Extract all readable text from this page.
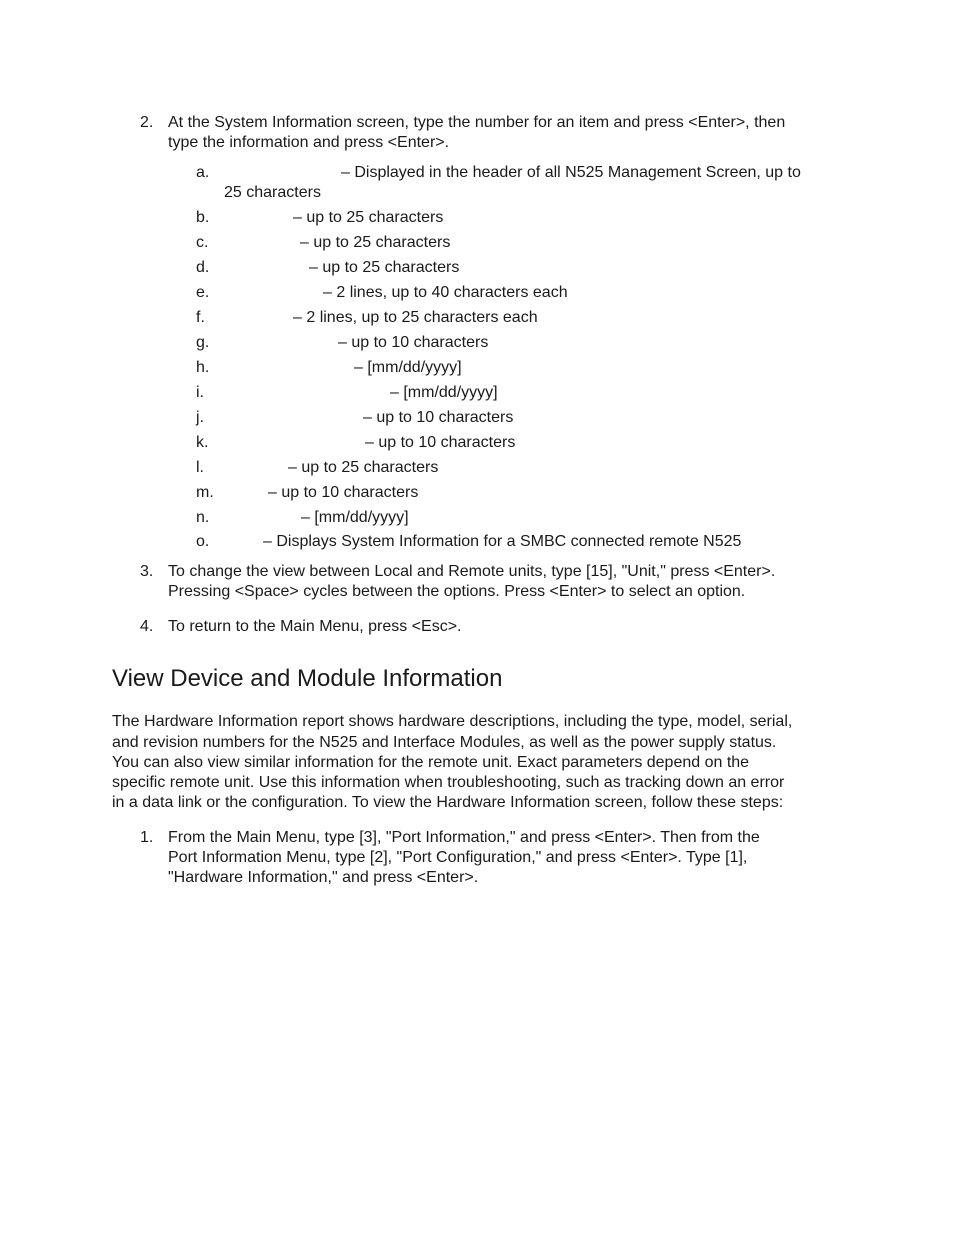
2. At the System Information screen, type the number for an item and press <Enter>, then
type the information and press <Enter>.
a.	– Displayed in the header of all N525 Management Screen, up to
25 characters
b.	– up to 25 characters
c.	– up to 25 characters
d.	– up to 25 characters
e.	– 2 lines, up to 40 characters each
f.	– 2 lines, up to 25 characters each
g.	– up to 10 characters
h.	– [mm/dd/yyyy]
i.	– [mm/dd/yyyy]
j.	– up to 10 characters
k.	– up to 10 characters
l.	– up to 25 characters
m.	– up to 10 characters
n.	– [mm/dd/yyyy]
o.	– Displays System Information for a SMBC connected remote N525
3. To change the view between Local and Remote units, type [15], "Unit," press <Enter>.
Pressing <Space> cycles between the options. Press <Enter> to select an option.
4. To return to the Main Menu, press <Esc>.
View Device and Module Information
The Hardware Information report shows hardware descriptions, including the type, model, serial,
and revision numbers for the N525 and Interface Modules, as well as the power supply status.
You can also view similar information for the remote unit. Exact parameters depend on the
specific remote unit. Use this information when troubleshooting, such as tracking down an error
in a data link or the configuration. To view the Hardware Information screen, follow these steps:
1. From the Main Menu, type [3], "Port Information," and press <Enter>. Then from the
Port Information Menu, type [2], "Port Configuration," and press <Enter>. Type [1],
"Hardware Information," and press <Enter>.
